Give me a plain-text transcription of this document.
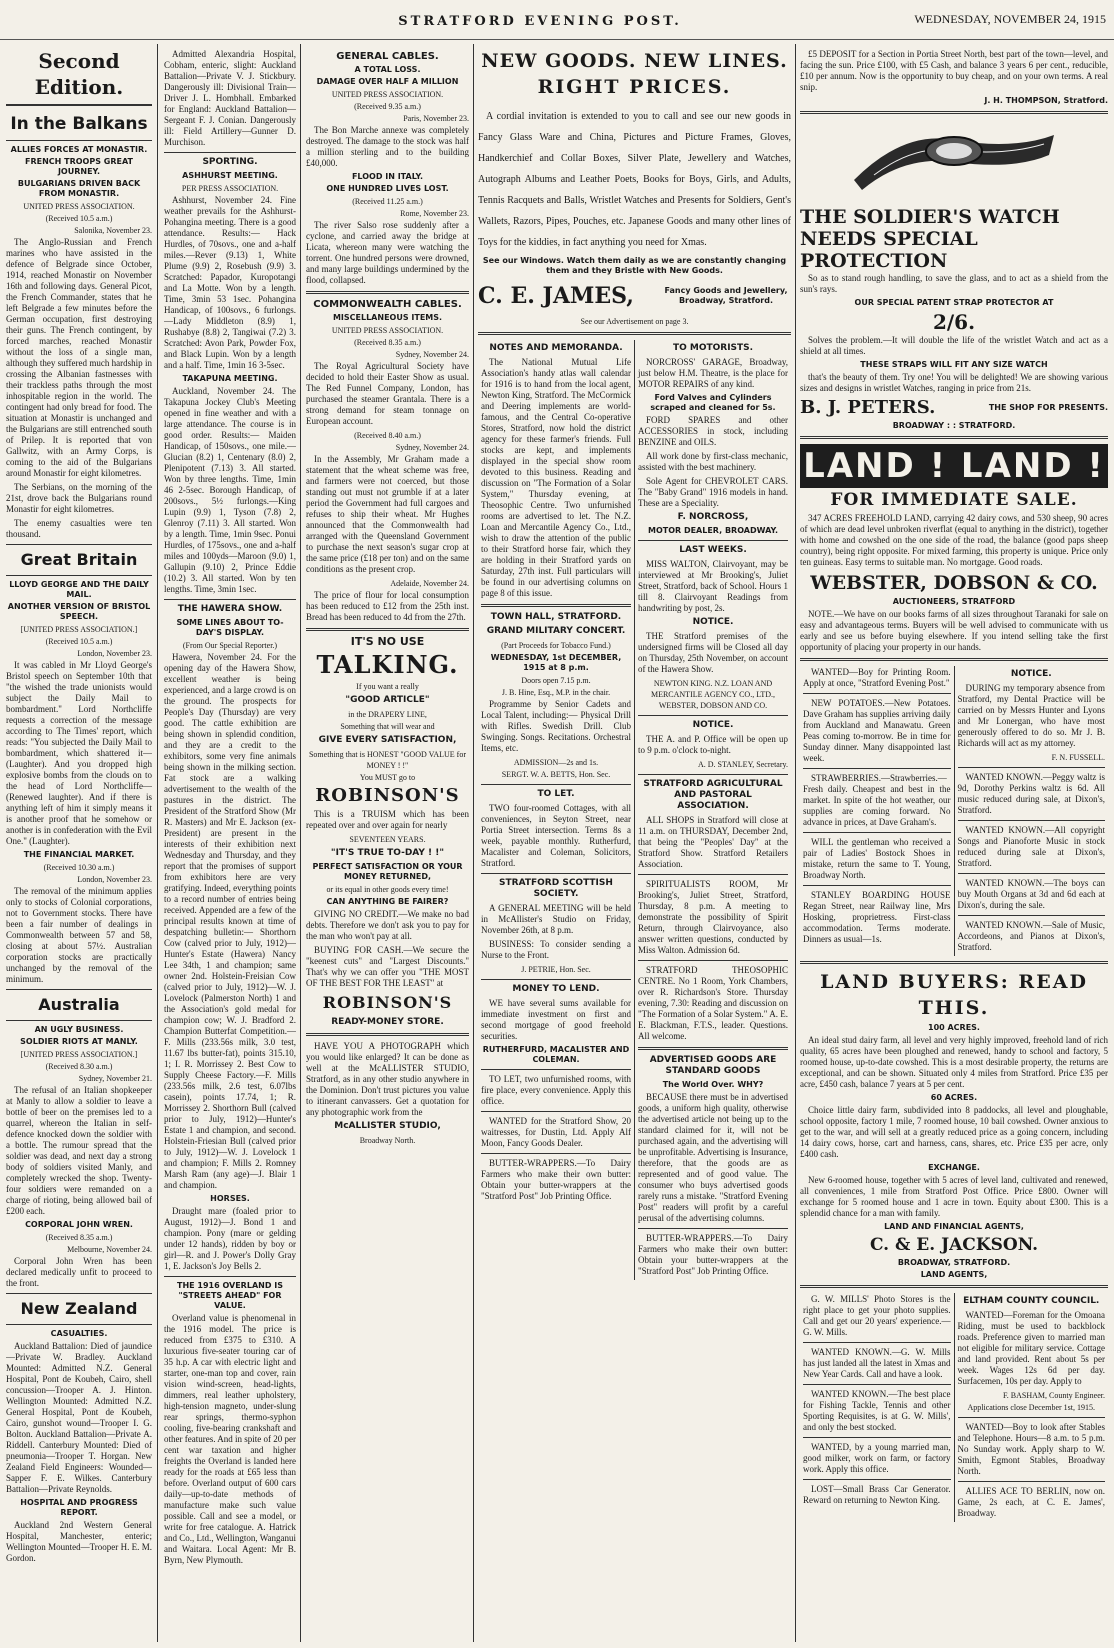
STRATFORD EVENING POST.	WEDNESDAY, NOVEMBER 24, 1915
Second Edition.
In the Balkans
ALLIES FORCES AT MONASTIR.
FRENCH TROOPS GREAT JOURNEY.
BULGARIANS DRIVEN BACK FROM MONASTIR.
UNITED PRESS ASSOCIATION.
(Received 10.5 a.m.)
Salonika, November 23.

The Anglo-Russian and French marines who have assisted in the defence of Belgrade since October, 1914, reached Monastir on November 16th and following days. General Picot, the French Commander, states that he left Belgrade a few minutes before the German occupation, first destroying their guns. The French contingent, by forced marches, reached Monastir without the loss of a single man, although they suffered much hardship in crossing the Albanian fastnesses with their trackless paths through the most inhospitable region in the world. The contingent had only bread for food. The situation at Monastir is unchanged and the Bulgarians are still entrenched south of Prilep. It is reported that von Gallwitz, with an Army Corps, is coming to the aid of the Bulgarians around Monastir for eight kilometres.

The Serbians, on the morning of the 21st, drove back the Bulgarians round Monastir for eight kilometres.

The enemy casualties were ten thousand.

Great Britain
LLOYD GEORGE AND THE DAILY MAIL.
ANOTHER VERSION OF BRISTOL SPEECH.
[UNITED PRESS ASSOCIATION.]
(Received 10.5 a.m.)
London, November 23.

It was cabled in Mr Lloyd George's Bristol speech on September 10th that "the wished the trade unionists would subject the Daily Mail to bombardment." Lord Northcliffe requests a correction of the message according to The Times' report, which reads: "You subjected the Daily Mail to bombardment, which shattered it—(Laughter). And you dropped high explosive bombs from the clouds on to the head of Lord Northcliffe—(Renewed laughter). And if there is anything left of him it simply means it is another proof that he somehow or another is in confederation with the Evil One." (Laughter).

THE FINANCIAL MARKET.
(Received 10.30 a.m.)
London, November 23.

The removal of the minimum applies only to stocks of Colonial corporations, not to Government stocks. There have been a fair number of dealings in Commonwealth between 57 and 58, closing at about 57½. Australian corporation stocks are practically unchanged by the removal of the minimum.

Australia
AN UGLY BUSINESS.
SOLDIER RIOTS AT MANLY.
[UNITED PRESS ASSOCIATION.]
(Received 8.30 a.m.)
Sydney, November 21.

The refusal of an Italian shopkeeper at Manly to allow a soldier to leave a bottle of beer on the premises led to a quarrel, whereon the Italian in self-defence knocked down the soldier with a bottle. The rumour spread that the soldier was dead, and next day a strong body of soldiers visited Manly, and completely wrecked the shop. Twenty-four soldiers were remanded on a charge of rioting, being allowed bail of £200 each.

CORPORAL JOHN WREN.
(Received 8.35 a.m.)
Melbourne, November 24.

Corporal John Wren has been declared medically unfit to proceed to the front.

New Zealand
CASUALTIES.

Auckland Battalion: Died of jaundice—Private W. Bradley. Auckland Mounted: Admitted N.Z. General Hospital, Pont de Koubeh, Cairo, shell concussion—Trooper A. J. Hinton. Wellington Mounted: Admitted N.Z. General Hospital, Pont de Koubeh, Cairo, gunshot wound—Trooper I. G. Bolton. Auckland Battalion—Private A. Riddell. Canterbury Mounted: Died of pneumonia—Trooper T. Horgan. New Zealand Field Engineers: Wounded—Sapper F. E. Wilkes. Canterbury Battalion—Private Reynolds.

HOSPITAL AND PROGRESS REPORT.

Auckland 2nd Western General Hospital, Manchester, enteric; Wellington Mounted—Trooper H. E. M. Gordon.

Admitted Alexandria Hospital, Cobham, enteric, slight: Auckland Battalion—Private V. J. Stickbury. Dangerously ill: Divisional Train—Driver J. L. Hombhall. Embarked for England: Auckland Battalion—Sergeant F. J. Conian. Dangerously ill: Field Artillery—Gunner D. Murchison.

SPORTING.
ASHHURST MEETING.
PER PRESS ASSOCIATION.

Ashhurst, November 24. Fine weather prevails for the Ashhurst-Pohangina meeting. There is a good attendance. Results:— Hack Hurdles, of 70sovs., one and a-half miles.—Rever (9.13) 1, White Plume (9.9) 2, Rosebush (9.9) 3. Scratched: Papador, Kuropotangi and La Motte. Won by a length. Time, 3min 53 1sec. Pohangina Handicap, of 100sovs., 6 furlongs.—Lady Middleton (8.9) 1, Rushabye (8.8) 2, Tangiwai (7.2) 3. Scratched: Avon Park, Powder Fox, and Black Lupin. Won by a length and a half. Time, 1min 16 3-5sec.

TAKAPUNA MEETING.

Auckland, November 24. The Takapuna Jockey Club's Meeting opened in fine weather and with a large attendance. The course is in good order. Results:— Maiden Handicap, of 150sovs., one mile.—Glucian (8.2) 1, Centenary (8.0) 2, Plenipotent (7.13) 3. All started. Won by three lengths. Time, 1min 46 2-5sec. Borough Handicap, of 200sovs., 5½ furlongs.—King Lupin (9.9) 1, Tyson (7.8) 2, Glenroy (7.11) 3. All started. Won by a length. Time, 1min 9sec. Ponui Hurdles, of 175sovs., one and a-half miles and 100yds—Maroon (9.0) 1, Gallupin (9.10) 2, Prince Eddie (10.2) 3. All started. Won by ten lengths. Time, 3min 1sec.

THE HAWERA SHOW.
SOME LINES ABOUT TO-DAY'S DISPLAY.
(From Our Special Reporter.)

Hawera, November 24. For the opening day of the Hawera Show, excellent weather is being experienced, and a large crowd is on the ground. The prospects for People's Day (Thursday) are very good. The cattle exhibition are being shown in splendid condition, and they are a credit to the exhibitors, some very fine animals being shown in the milking section. Fat stock are a walking advertisement to the wealth of the pastures in the district. The President of the Stratford Show (Mr R. Masters) and Mr E. Jackson (ex-President) are present in the interests of their exhibition next Wednesday and Thursday, and they report that the promises of support from exhibitors here are very gratifying. Indeed, everything points to a record number of entries being received. Appended are a few of the principal results known at time of despatching bulletin:— Shorthorn Cow (calved prior to July, 1912)—Hunter's Estate (Hawera) Nancy Lee 34th, 1 and champion; same owner 2nd. Holstein-Freisian Cow (calved prior to July, 1912)—W. J. Lovelock (Palmerston North) 1 and the Association's gold medal for champion cow; W. J. Bradford 2. Champion Butterfat Competition.—F. Mills (233.56s milk, 3.0 test, 11.67 lbs butter-fat), points 315.10, 1; I. R. Morrissey 2. Best Cow to Supply Cheese Factory.—F. Mills (233.56s milk, 2.6 test, 6.07lbs casein), points 17.74, 1; R. Morrissey 2. Shorthorn Bull (calved prior to July, 1912)—Hunter's Estate 1 and champion, and second. Holstein-Friesian Bull (calved prior to July, 1912)—W. J. Lovelock 1 and champion; F. Mills 2. Romney Marsh Ram (any age)—J. Blair 1 and champion.

HORSES.

Draught mare (foaled prior to August, 1912)—J. Bond 1 and champion. Pony (mare or gelding under 12 hands), ridden by boy or girl—R. and J. Power's Dolly Gray 1, E. Jackson's Joy Bells 2.

THE 1916 OVERLAND IS "STREETS AHEAD" FOR VALUE.

Overland value is phenomenal in the 1916 model. The price is reduced from £375 to £310. A luxurious five-seater touring car of 35 h.p. A car with electric light and starter, one-man top and cover, rain vision wind-screen, head-lights, dimmers, real leather upholstery, high-tension magneto, under-slung rear springs, thermo-syphon cooling, five-bearing crankshaft and other features. And in spite of 20 per cent war taxation and higher freights the Overland is landed here ready for the roads at £65 less than before. Overland output of 600 cars daily—up-to-date methods of manufacture make such value possible. Call and see a model, or write for free catalogue. A. Hatrick and Co., Ltd., Wellington, Wanganui and Waitara. Local Agent: Mr B. Byrn, New Plymouth.

GENERAL CABLES.
A TOTAL LOSS.
DAMAGE OVER HALF A MILLION
UNITED PRESS ASSOCIATION.
(Received 9.35 a.m.)
Paris, November 23.

The Bon Marche annexe was completely destroyed. The damage to the stock was half a million sterling and to the building £40,000.

FLOOD IN ITALY.
ONE HUNDRED LIVES LOST.
(Received 11.25 a.m.)
Rome, November 23.

The river Salso rose suddenly after a cyclone, and carried away the bridge at Licata, whereon many were watching the torrent. One hundred persons were drowned, and many large buildings undermined by the flood, collapsed.

COMMONWEALTH CABLES.
MISCELLANEOUS ITEMS.
UNITED PRESS ASSOCIATION.
(Received 8.35 a.m.)
Sydney, November 24.

The Royal Agricultural Society have decided to hold their Easter Show as usual. The Red Funnel Company, London, has purchased the steamer Grantala. There is a strong demand for steam tonnage on European account.

(Received 8.40 a.m.)
Sydney, November 24.

In the Assembly, Mr Graham made a statement that the wheat scheme was free, and farmers were not coerced, but those standing out must not grumble if at a later period the Government had full cargoes and refuses to ship their wheat. Mr Hughes announced that the Commonwealth had arranged with the Queensland Government to purchase the next season's sugar crop at the same price (£18 per ton) and on the same conditions as the present crop.

Adelaide, November 24.

The price of flour for local consumption has been reduced to £12 from the 25th inst. Bread has been reduced to 4d from the 27th.

IT'S NO USE
TALKING.
If you want a really
"GOOD ARTICLE"
in the DRAPERY LINE,
Something that will wear and
GIVE EVERY SATISFACTION,
Something that is HONEST "GOOD VALUE for MONEY ! !"
You MUST go to
ROBINSON'S

This is a TRUISM which has been repeated over and over again for nearly

SEVENTEEN YEARS.
"IT'S TRUE TO-DAY ! !"
PERFECT SATISFACTION OR YOUR MONEY RETURNED,
or its equal in other goods every time!
CAN ANYTHING BE FAIRER?

GIVING NO CREDIT.—We make no bad debts. Therefore we don't ask you to pay for the man who won't pay at all.

BUYING FOR CASH.—We secure the "keenest cuts" and "Largest Discounts." That's why we can offer you "THE MOST OF THE BEST FOR THE LEAST" at

ROBINSON'S
READY-MONEY STORE.

HAVE YOU A PHOTOGRAPH which you would like enlarged? It can be done as well at the McALLISTER STUDIO, Stratford, as in any other studio anywhere in the Dominion. Don't trust pictures you value to itinerant canvassers. Get a quotation for any photographic work from the

McALLISTER STUDIO,
Broadway North.
NEW GOODS. NEW LINES.
RIGHT PRICES.

A cordial invitation is extended to you to call and see our new goods in Fancy Glass Ware and China, Pictures and Picture Frames, Gloves, Handkerchief and Collar Boxes, Silver Plate, Jewellery and Watches, Autograph Albums and Leather Poets, Books for Boys, Girls, and Adults, Tennis Racquets and Balls, Wristlet Watches and Presents for Soldiers, Gent's Wallets, Razors, Pipes, Pouches, etc. Japanese Goods and many other lines of Toys for the kiddies, in fact anything you need for Xmas.

See our Windows. Watch them daily as we are constantly changing them and they Bristle with New Goods.
C. E. JAMES,	Fancy Goods and Jewellery, Broadway, Stratford.
See our Advertisement on page 3.
NOTES AND MEMORANDA.

The National Mutual Life Association's handy atlas wall calendar for 1916 is to hand from the local agent, Newton King, Stratford. The McCormick and Deering implements are world-famous, and the Central Co-operative Stores, Stratford, now hold the district agency for these farmer's friends. Full stocks are kept, and implements displayed in the special show room devoted to this business. Reading and discussion on "The Formation of a Solar System," Thursday evening, at Theosophic Centre. Two unfurnished rooms are advertised to let. The N.Z. Loan and Mercantile Agency Co., Ltd., wish to draw the attention of the public to their Stratford horse fair, which they are holding in their Stratford yards on Saturday, 27th inst. Full particulars will be found in our advertising columns on page 8 of this issue.

TOWN HALL, STRATFORD.
GRAND MILITARY CONCERT.
(Part Proceeds for Tobacco Fund.)
WEDNESDAY, 1st DECEMBER, 1915 at 8 p.m.
Doors open 7.15 p.m.
J. B. Hine, Esq., M.P. in the chair.

Programme by Senior Cadets and Local Talent, including:— Physical Drill with Rifles. Swedish Drill. Club Swinging. Songs. Recitations. Orchestral Items, etc.

ADMISSION—2s and 1s.
SERGT. W. A. BETTS, Hon. Sec.
TO LET.

TWO four-roomed Cottages, with all conveniences, in Seyton Street, near Portia Street intersection. Terms 8s a week, payable monthly. Rutherfurd, Macalister and Coleman, Solicitors, Stratford.

STRATFORD SCOTTISH SOCIETY.

A GENERAL MEETING will be held in McAllister's Studio on Friday, November 26th, at 8 p.m.

BUSINESS: To consider sending a Nurse to the Front.

J. PETRIE, Hon. Sec.
MONEY TO LEND.

WE have several sums available for immediate investment on first and second mortgage of good freehold securities.

RUTHERFURD, MACALISTER AND COLEMAN.

TO LET, two unfurnished rooms, with fire place, every convenience. Apply this office.

WANTED for the Stratford Show, 20 waitresses, for Dustin, Ltd. Apply Alf Moon, Fancy Goods Dealer.

BUTTER-WRAPPERS.—To Dairy Farmers who make their own butter: Obtain your butter-wrappers at the "Stratford Post" Job Printing Office.

TO MOTORISTS.

NORCROSS' GARAGE, Broadway, just below H.M. Theatre, is the place for MOTOR REPAIRS of any kind.

Ford Valves and Cylinders scraped and cleaned for 5s.

FORD SPARES and other ACCESSORIES in stock, including BENZINE and OILS.

All work done by first-class mechanic, assisted with the best machinery.

Sole Agent for CHEVROLET CARS. The "Baby Grand" 1916 models in hand. These are a Speciality.

F. NORCROSS,
MOTOR DEALER, BROADWAY.
LAST WEEKS.

MISS WALTON, Clairvoyant, may be interviewed at Mr Brooking's, Juliet Street, Stratford, back of School. Hours 1 till 8. Clairvoyant Readings from handwriting by post, 2s.

NOTICE.

THE Stratford premises of the undersigned firms will be Closed all day on Thursday, 25th November, on account of the Hawera Show.

NEWTON KING. N.Z. LOAN AND MERCANTILE AGENCY CO., LTD., WEBSTER, DOBSON AND CO.
NOTICE.

THE A. and P. Office will be open up to 9 p.m. o'clock to-night.

A. D. STANLEY, Secretary.
STRATFORD AGRICULTURAL AND PASTORAL ASSOCIATION.

ALL SHOPS in Stratford will close at 11 a.m. on THURSDAY, December 2nd, that being the "Peoples' Day" at the Stratford Show. Stratford Retailers Association.

SPIRITUALISTS ROOM, Mr Brooking's, Juliet Street, Stratford, Thursday, 8 p.m. A meeting to demonstrate the possibility of Spirit Return, through Clairvoyance, also answer written questions, conducted by Miss Walton. Admission 6d.

STRATFORD THEOSOPHIC CENTRE. No 1 Room, York Chambers, over R. Richardson's Store. Thursday evening, 7.30: Reading and discussion on "The Formation of a Solar System." A. E. E. Blackman, F.T.S., leader. Questions. All welcome.

ADVERTISED GOODS ARE STANDARD GOODS
The World Over. WHY?

BECAUSE there must be in advertised goods, a uniform high quality, otherwise the advertised article not being up to the standard claimed for it, will not be purchased again, and the advertising will be unprofitable. Advertising is Insurance, therefore, that the goods are as represented and of good value. The consumer who buys advertised goods rarely runs a mistake. "Stratford Evening Post" readers will profit by a careful perusal of the advertising columns.

BUTTER-WRAPPERS.—To Dairy Farmers who make their own butter: Obtain your butter-wrappers at the "Stratford Post" Job Printing Office.

£5 DEPOSIT for a Section in Portia Street North, best part of the town—level, and facing the sun. Price £100, with £5 Cash, and balance 3 years 6 per cent., reducible, £10 per annum. Now is the opportunity to buy cheap, and on your own terms. A real snip.

J. H. THOMPSON, Stratford.
THE SOLDIER'S WATCH
NEEDS SPECIAL
PROTECTION

So as to stand rough handling, to save the glass, and to act as a shield from the sun's rays.

OUR SPECIAL PATENT STRAP PROTECTOR AT
2/6.

Solves the problem.—It will double the life of the wristlet Watch and act as a shield at all times.

THESE STRAPS WILL FIT ANY SIZE WATCH

that's the beauty of them. Try one! You will be delighted! We are showing various sizes and designs in wristlet Watches, ranging in price from 21s.

B. J. PETERS.	THE SHOP FOR PRESENTS.
BROADWAY : : STRATFORD.
LAND ! LAND !
FOR IMMEDIATE SALE.

347 ACRES FREEHOLD LAND, carrying 42 dairy cows, and 530 sheep, 90 acres of which are dead level unbroken riverflat (equal to anything in the district), together with home and cowshed on the one side of the road, the balance (good paps sheep country), being right opposite. For mixed farming, this property is unique. Price only ten guineas. Easy terms to suitable man. No mortgage. Good roads.

WEBSTER, DOBSON & CO.
AUCTIONEERS, STRATFORD

NOTE.—We have on our books farms of all sizes throughout Taranaki for sale on easy and advantageous terms. Buyers will be well advised to communicate with us early and see us before buying elsewhere. If you intend selling take the first opportunity of placing your property in our hands.

WANTED—Boy for Printing Room. Apply at once, "Stratford Evening Post."

NEW POTATOES.—New Potatoes. Dave Graham has supplies arriving daily from Auckland and Manawatu. Green Peas coming to-morrow. Be in time for Sunday dinner. Many disappointed last week.

STRAWBERRIES.—Strawberries.—Fresh daily. Cheapest and best in the market. In spite of the hot weather, our supplies are coming forward. No advance in prices, at Dave Graham's.

WILL the gentleman who received a pair of Ladies' Bostock Shoes in mistake, return the same to T. Young, Broadway North.

STANLEY BOARDING HOUSE Regan Street, near Railway line, Mrs Hosking, proprietress. First-class accommodation. Terms moderate. Dinners as usual—1s.

NOTICE.

DURING my temporary absence from Stratford, my Dental Practice will be carried on by Messrs Hunter and Lyons and Mr Lonergan, who have most generously offered to do so. Mr J. B. Richards will act as my attorney.

F. N. FUSSELL.

WANTED KNOWN.—Peggy waltz is 9d, Dorothy Perkins waltz is 6d. All music reduced during sale, at Dixon's, Stratford.

WANTED KNOWN.—All copyright Songs and Pianoforte Music in stock reduced during sale at Dixon's, Stratford.

WANTED KNOWN.—The boys can buy Mouth Organs at 3d and 6d each at Dixon's, during the sale.

WANTED KNOWN.—Sale of Music, Accordeons, and Pianos at Dixon's, Stratford.

LAND BUYERS: READ THIS.
100 ACRES.

An ideal stud dairy farm, all level and very highly improved, freehold land of rich quality, 65 acres have been ploughed and renewed, handy to school and factory, 5 roomed house, up-to-date cowshed. This is a most desirable property, the returns are exceptional, and can be shown. Situated only 4 miles from Stratford. Price £35 per acre, £450 cash, balance 7 years at 5 per cent.

60 ACRES.

Choice little dairy farm, subdivided into 8 paddocks, all level and ploughable, school opposite, factory 1 mile, 7 roomed house, 10 bail cowshed. Owner anxious to get to the war, and will sell at a greatly reduced price as a going concern, including 14 dairy cows, horse, cart and harness, cans, shares, etc. Price £35 per acre, only £400 cash.

EXCHANGE.

New 6-roomed house, together with 5 acres of level land, cultivated and renewed, all conveniences, 1 mile from Stratford Post Office. Price £800. Owner will exchange for 5 roomed house and 1 acre in town. Equity about £300. This is a splendid chance for a man with family.

LAND AND FINANCIAL AGENTS,
C. & E. JACKSON.
BROADWAY, STRATFORD.
LAND AGENTS,

G. W. MILLS' Photo Stores is the right place to get your photo supplies. Call and get our 20 years' experience.—G. W. Mills.

WANTED KNOWN.—G. W. Mills has just landed all the latest in Xmas and New Year Cards. Call and have a look.

WANTED KNOWN.—The best place for Fishing Tackle, Tennis and other Sporting Requisites, is at G. W. Mills', and only the best stocked.

WANTED, by a young married man, good milker, work on farm, or factory work. Apply this office.

LOST—Small Brass Car Generator. Reward on returning to Newton King.

ELTHAM COUNTY COUNCIL.

WANTED—Foreman for the Omoana Riding, must be used to backblock roads. Preference given to married man not eligible for military service. Cottage and land provided. Rent about 5s per week. Wages 12s 6d per day. Surfacemen, 10s per day. Apply to

F. BASHAM, County Engineer.
Applications close December 1st, 1915.

WANTED—Boy to look after Stables and Telephone. Hours—8 a.m. to 5 p.m. No Sunday work. Apply sharp to W. Smith, Egmont Stables, Broadway North.

ALLIES ACE TO BERLIN, now on. Game, 2s each, at C. E. James', Broadway.
